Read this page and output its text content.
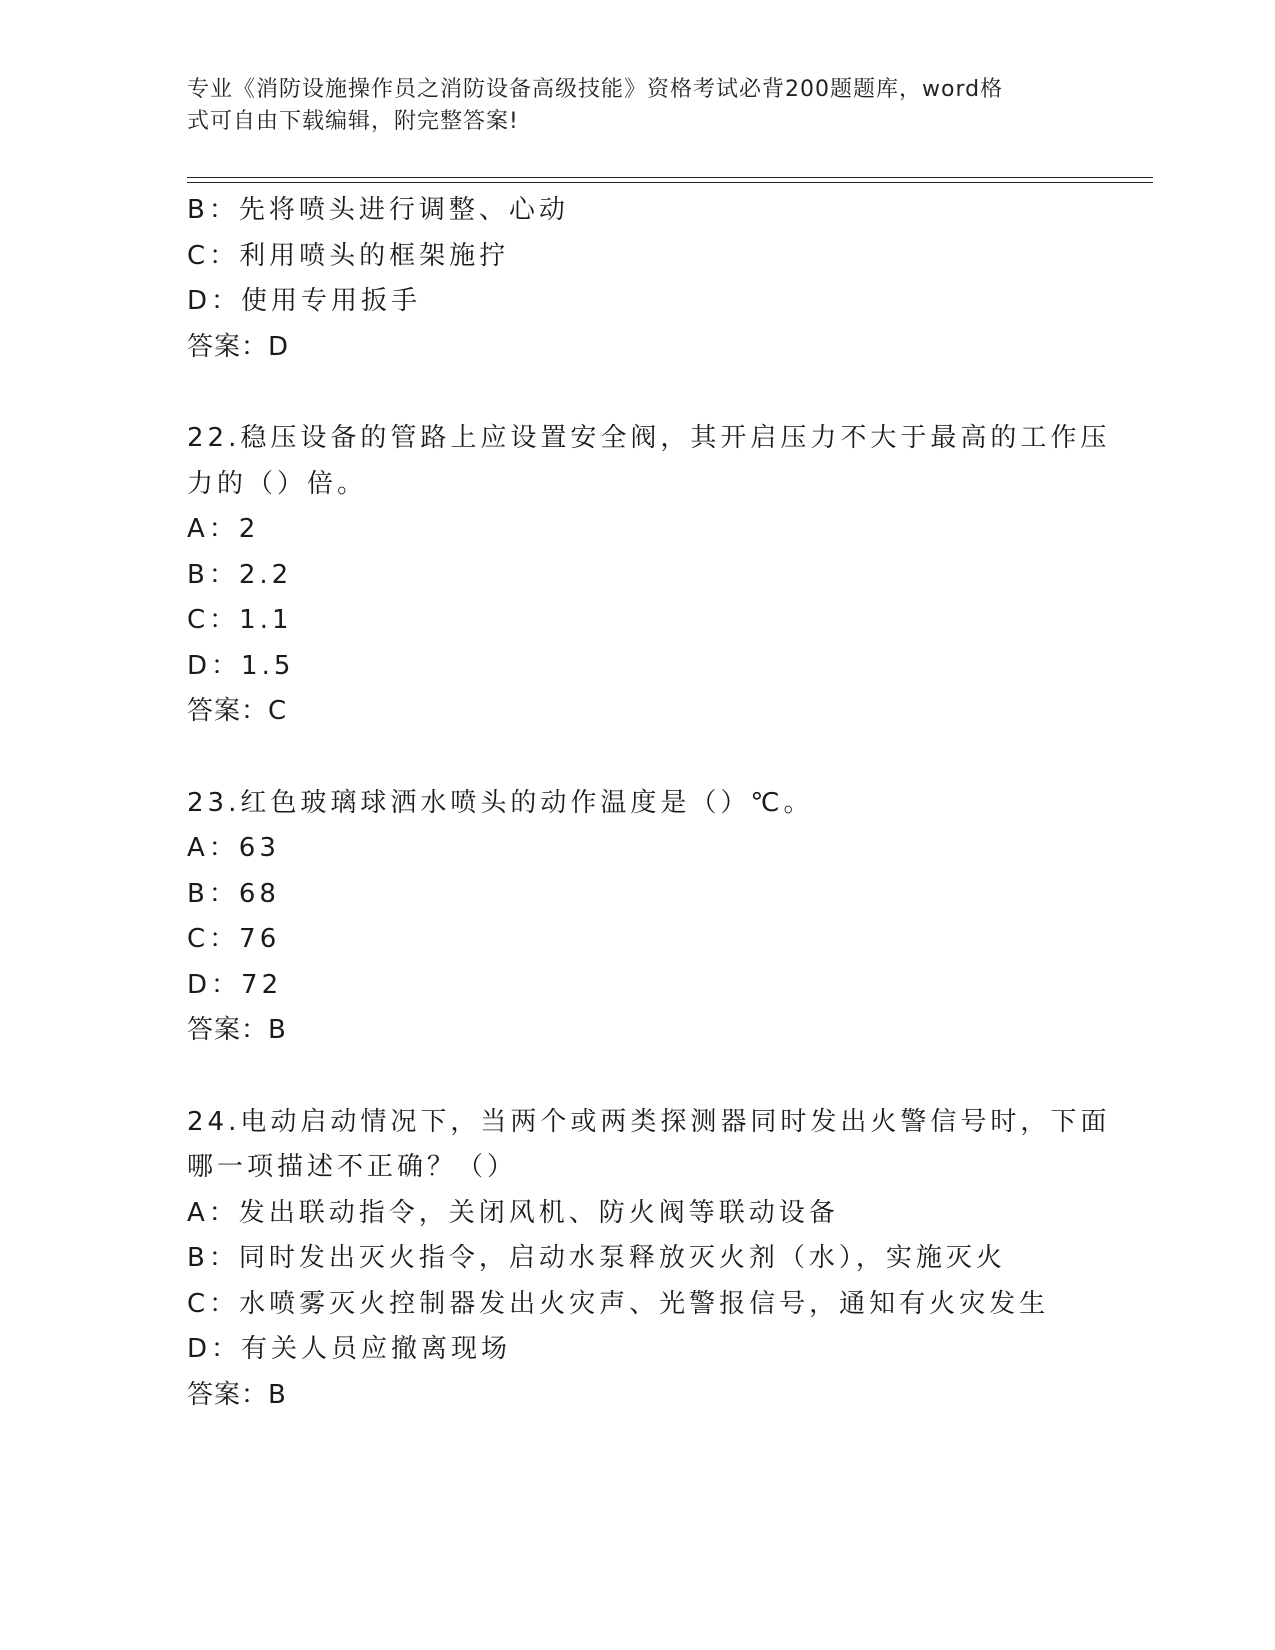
专业《消防设施操作员之消防设备高级技能》资格考试必背200题题库，word格
式可自由下载编辑，附完整答案!
B：先将喷头进行调整、心动
C：利用喷头的框架施拧
D：使用专用扳手
答案：D
22.稳压设备的管路上应设置安全阀，其开启压力不大于最高的工作压
力的（）倍。
A：2
B：2.2
C：1.1
D：1.5
答案：C
23.红色玻璃球洒水喷头的动作温度是（）℃。
A：63
B：68
C：76
D：72
答案：B
24.电动启动情况下，当两个或两类探测器同时发出火警信号时，下面
哪一项描述不正确？（）
A：发出联动指令，关闭风机、防火阀等联动设备
B：同时发出灭火指令，启动水泵释放灭火剂（水），实施灭火
C：水喷雾灭火控制器发出火灾声、光警报信号，通知有火灾发生
D：有关人员应撤离现场
答案：B
